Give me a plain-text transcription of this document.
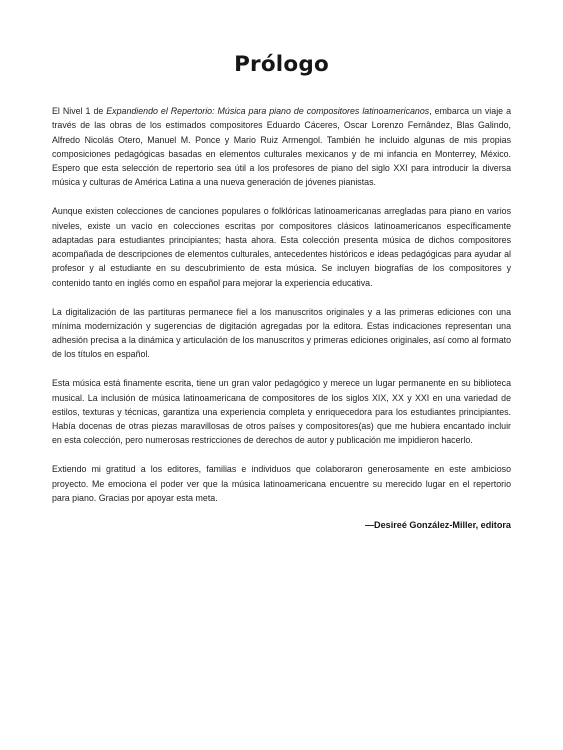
Prólogo

El Nivel 1 de Expandiendo el Repertorio: Música para piano de compositores latinoamericanos, embarca un viaje a través de las obras de los estimados compositores Eduardo Cáceres, Oscar Lorenzo Fernândez, Blas Galindo, Alfredo Nicolás Otero, Manuel M. Ponce y Mario Ruiz Armengol. También he incluido algunas de mis propias composiciones pedagógicas basadas en elementos culturales mexicanos y de mi infancia en Monterrey, México. Espero que esta selección de repertorio sea útil a los profesores de piano del siglo XXI para introducir la diversa música y culturas de América Latina a una nueva generación de jóvenes pianistas.

Aunque existen colecciones de canciones populares o folklóricas latinoamericanas arregladas para piano en varios niveles, existe un vacío en colecciones escritas por compositores clásicos latinoamericanos específicamente adaptadas para estudiantes principiantes; hasta ahora. Esta colección presenta música de dichos compositores acompañada de descripciones de elementos culturales, antecedentes históricos e ideas pedagógicas para ayudar al profesor y al estudiante en su descubrimiento de esta música. Se incluyen biografías de los compositores y contenido tanto en inglés como en español para mejorar la experiencia educativa.

La digitalización de las partituras permanece fiel a los manuscritos originales y a las primeras ediciones con una mínima modernización y sugerencias de digitación agregadas por la editora. Estas indicaciones representan una adhesión precisa a la dinámica y articulación de los manuscritos y primeras ediciones originales, así como al formato de los títulos en español.

Esta música está finamente escrita, tiene un gran valor pedagógico y merece un lugar permanente en su biblioteca musical. La inclusión de música latinoamericana de compositores de los siglos XIX, XX y XXI en una variedad de estilos, texturas y técnicas, garantiza una experiencia completa y enriquecedora para los estudiantes principiantes. Había docenas de otras piezas maravillosas de otros países y compositores(as) que me hubiera encantado incluir en esta colección, pero numerosas restricciones de derechos de autor y publicación me impidieron hacerlo.

Extiendo mi gratitud a los editores, familias e individuos que colaboraron generosamente en este ambicioso proyecto. Me emociona el poder ver que la música latinoamericana encuentre su merecido lugar en el repertorio para piano. Gracias por apoyar esta meta.

—Desireé González-Miller, editora
